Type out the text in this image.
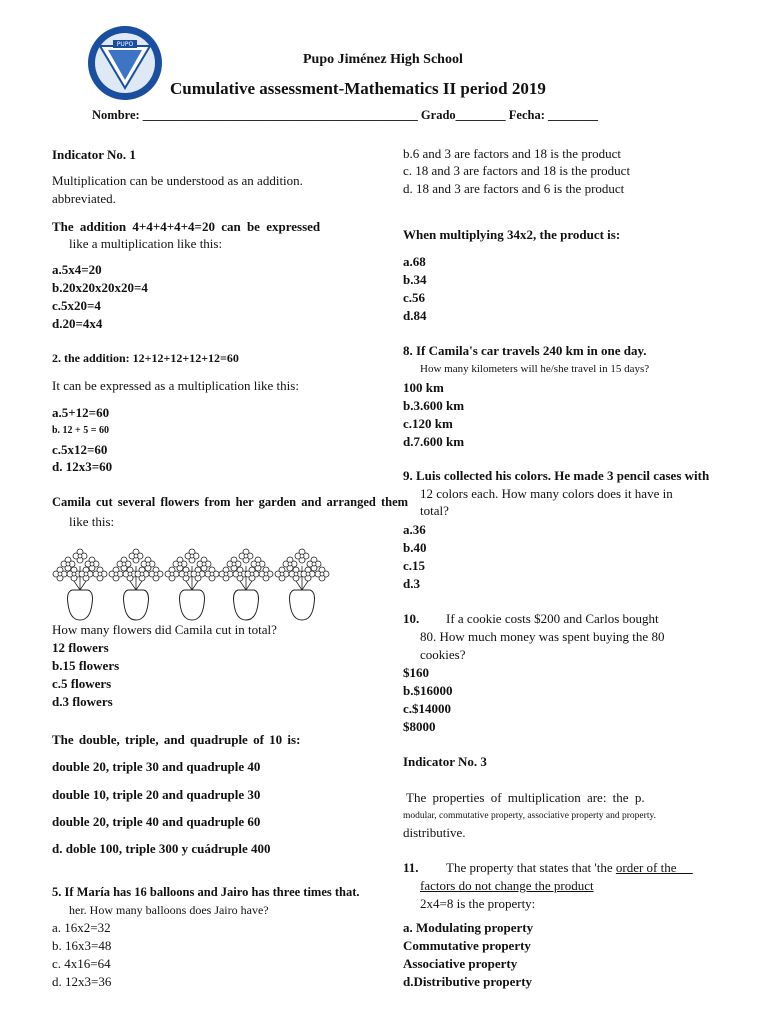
PUPO
Pupo Jiménez High School
Cumulative assessment-Mathematics II period 2019
Nombre: ____________________________________________ Grado________ Fecha: ________
Indicator No. 1
Multiplication can be understood as an addition.
abbreviated.
The addition 4+4+4+4+4=20 can be expressed
like a multiplication like this:
a.5x4=20
b.20x20x20x20=4
c.5x20=4
d.20=4x4
2. the addition: 12+12+12+12+12=60
It can be expressed as a multiplication like this:
a.5+12=60
b. 12 + 5 = 60
c.5x12=60
d. 12x3=60
Camila cut several flowers from her garden and arranged them
like this:
How many flowers did Camila cut in total?
12 flowers
b.15 flowers
c.5 flowers
d.3 flowers
The double, triple, and quadruple of 10 is:
double 20, triple 30 and quadruple 40
double 10, triple 20 and quadruple 30
double 20, triple 40 and quadruple 60
d. doble 100, triple 300 y cuádruple 400
5. If María has 16 balloons and Jairo has three times that.
her. How many balloons does Jairo have?
a. 16x2=32
b. 16x3=48
c. 4x16=64
d. 12x3=36
b.6 and 3 are factors and 18 is the product
c. 18 and 3 are factors and 18 is the product
d. 18 and 3 are factors and 6 is the product
When multiplying 34x2, the product is:
a.68
b.34
c.56
d.84
8. If Camila's car travels 240 km in one day.
How many kilometers will he/she travel in 15 days?
100 km
b.3.600 km
c.120 km
d.7.600 km
9. Luis collected his colors. He made 3 pencil cases with
12 colors each. How many colors does it have in
total?
a.36
b.40
c.15
d.3
10. If a cookie costs $200 and Carlos bought
80. How much money was spent buying the 80
cookies?
$160
b.$16000
c.$14000
$8000
Indicator No. 3
The properties of multiplication are: the p.
modular, commutative property, associative property and property.
distributive.
11. The property that states that 'the order of the
factors do not change the product
2x4=8 is the property:
a. Modulating property
Commutative property
Associative property
d.Distributive property
